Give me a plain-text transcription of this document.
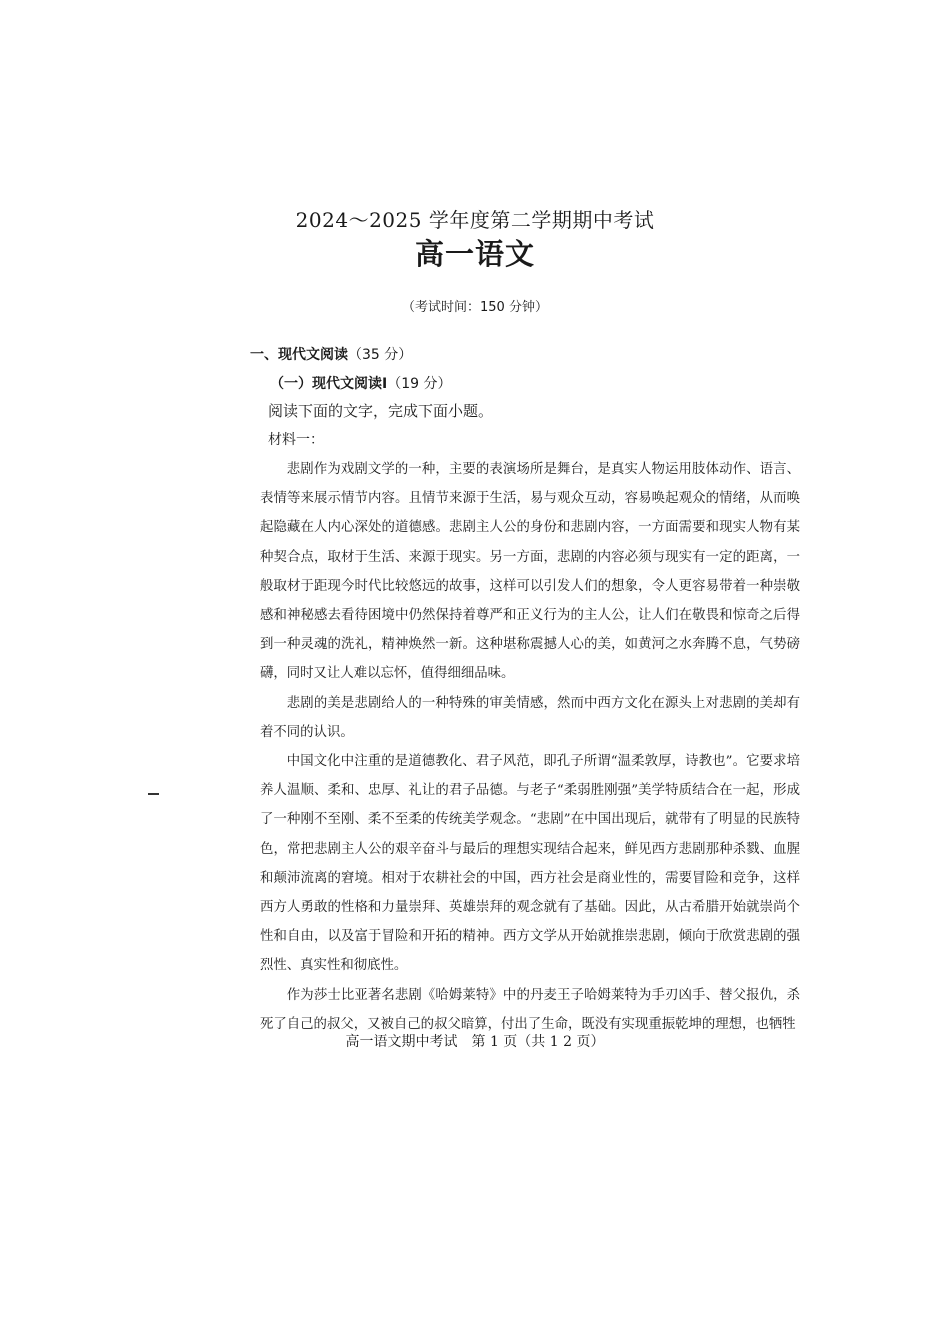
2024～2025 学年度第二学期期中考试
高一语文
（考试时间：150 分钟）
一、现代文阅读（35 分）
（一）现代文阅读Ⅰ（19 分）
阅读下面的文字，完成下面小题。
材料一：

悲剧作为戏剧文学的一种，主要的表演场所是舞台，是真实人物运用肢体动作、语言、表情等来展示情节内容。且情节来源于生活，易与观众互动，容易唤起观众的情绪，从而唤起隐藏在人内心深处的道德感。悲剧主人公的身份和悲剧内容，一方面需要和现实人物有某种契合点，取材于生活、来源于现实。另一方面，悲剧的内容必须与现实有一定的距离，一般取材于距现今时代比较悠远的故事，这样可以引发人们的想象，令人更容易带着一种崇敬感和神秘感去看待困境中仍然保持着尊严和正义行为的主人公，让人们在敬畏和惊奇之后得到一种灵魂的洗礼，精神焕然一新。这种堪称震撼人心的美，如黄河之水奔腾不息，气势磅礴，同时又让人难以忘怀，值得细细品味。

悲剧的美是悲剧给人的一种特殊的审美情感，然而中西方文化在源头上对悲剧的美却有着不同的认识。

中国文化中注重的是道德教化、君子风范，即孔子所谓“温柔敦厚，诗教也”。它要求培养人温顺、柔和、忠厚、礼让的君子品德。与老子“柔弱胜刚强”美学特质结合在一起，形成了一种刚不至刚、柔不至柔的传统美学观念。“悲剧”在中国出现后，就带有了明显的民族特色，常把悲剧主人公的艰辛奋斗与最后的理想实现结合起来，鲜见西方悲剧那种杀戮、血腥和颠沛流离的窘境。相对于农耕社会的中国，西方社会是商业性的，需要冒险和竞争，这样西方人勇敢的性格和力量崇拜、英雄崇拜的观念就有了基础。因此，从古希腊开始就崇尚个性和自由，以及富于冒险和开拓的精神。西方文学从开始就推崇悲剧，倾向于欣赏悲剧的强烈性、真实性和彻底性。

作为莎士比亚著名悲剧《哈姆莱特》中的丹麦王子哈姆莱特为手刃凶手、替父报仇，杀死了自己的叔父，又被自己的叔父暗算，付出了生命，既没有实现重振乾坤的理想，也牺牲

高一语文期中考试　第 1 页（共 1 2 页）
